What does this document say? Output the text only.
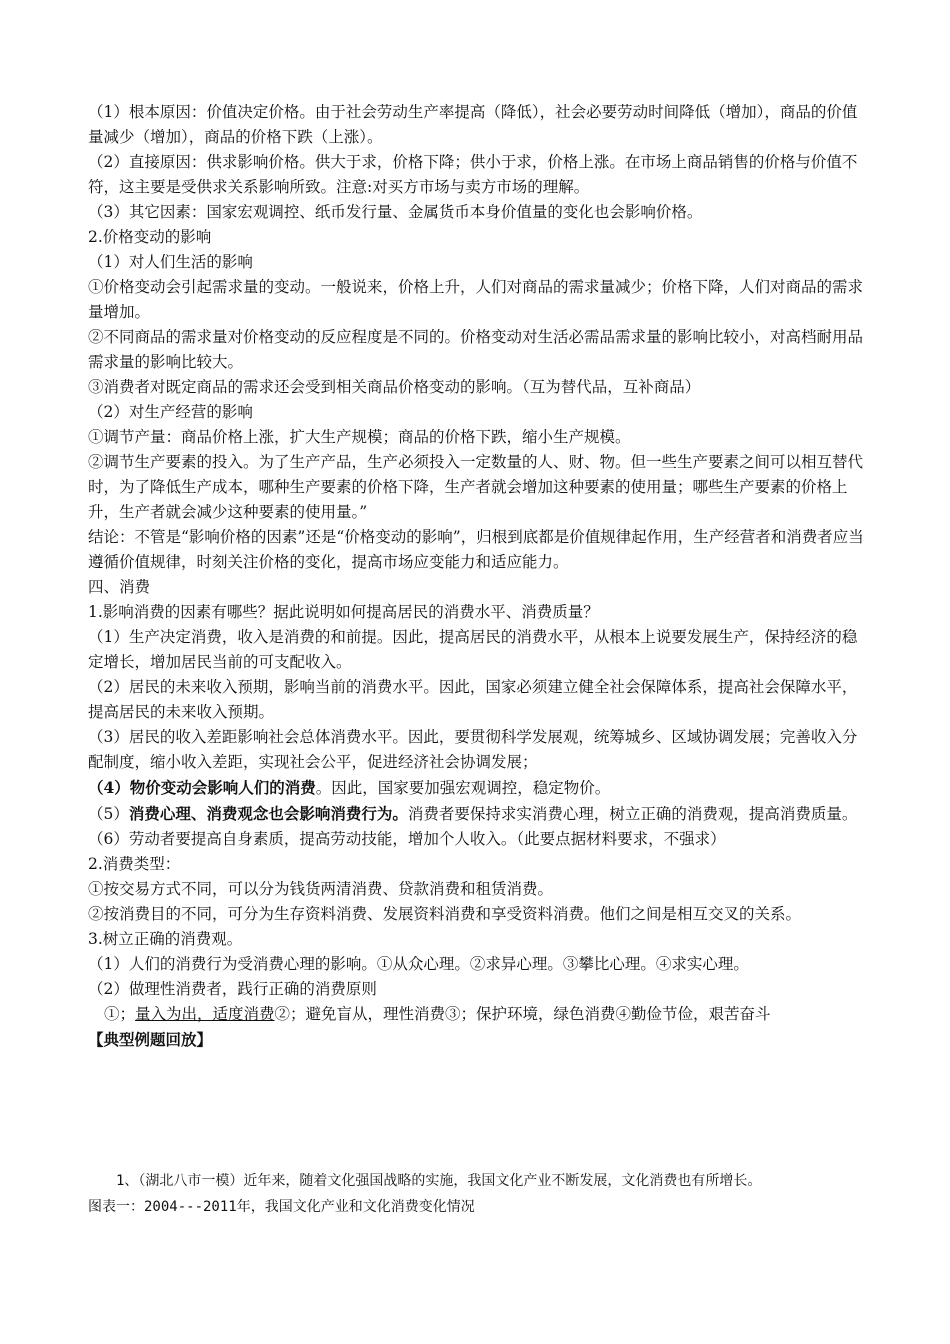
（1）根本原因：价值决定价格。由于社会劳动生产率提高（降低），社会必要劳动时间降低（增加），商品的价值量减少（增加），商品的价格下跌（上涨）。

（2）直接原因：供求影响价格。供大于求，价格下降；供小于求，价格上涨。在市场上商品销售的价格与价值不符，这主要是受供求关系影响所致。注意:对买方市场与卖方市场的理解。

（3）其它因素：国家宏观调控、纸币发行量、金属货币本身价值量的变化也会影响价格。

2.价格变动的影响

（1）对人们生活的影响

①价格变动会引起需求量的变动。一般说来，价格上升，人们对商品的需求量减少；价格下降，人们对商品的需求量增加。

②不同商品的需求量对价格变动的反应程度是不同的。价格变动对生活必需品需求量的影响比较小，对高档耐用品需求量的影响比较大。

③消费者对既定商品的需求还会受到相关商品价格变动的影响。（互为替代品，互补商品）

（2）对生产经营的影响

①调节产量：商品价格上涨，扩大生产规模；商品的价格下跌，缩小生产规模。

②调节生产要素的投入。为了生产产品，生产必须投入一定数量的人、财、物。但一些生产要素之间可以相互替代时，为了降低生产成本，哪种生产要素的价格下降，生产者就会增加这种要素的使用量；哪些生产要素的价格上升，生产者就会减少这种要素的使用量。”

结论：不管是“影响价格的因素”还是“价格变动的影响”，归根到底都是价值规律起作用，生产经营者和消费者应当遵循价值规律，时刻关注价格的变化，提高市场应变能力和适应能力。

四、消费

1.影响消费的因素有哪些？据此说明如何提高居民的消费水平、消费质量？

（1）生产决定消费，收入是消费的和前提。因此，提高居民的消费水平，从根本上说要发展生产，保持经济的稳定增长，增加居民当前的可支配收入。

（2）居民的未来收入预期，影响当前的消费水平。因此，国家必须建立健全社会保障体系，提高社会保障水平，提高居民的未来收入预期。

（3）居民的收入差距影响社会总体消费水平。因此，要贯彻科学发展观，统筹城乡、区域协调发展；完善收入分配制度，缩小收入差距，实现社会公平，促进经济社会协调发展；

（4）物价变动会影响人们的消费。因此，国家要加强宏观调控，稳定物价。

（5）消费心理、消费观念也会影响消费行为。消费者要保持求实消费心理，树立正确的消费观，提高消费质量。

（6）劳动者要提高自身素质，提高劳动技能，增加个人收入。（此要点据材料要求，不强求）

2.消费类型：

①按交易方式不同，可以分为钱货两清消费、贷款消费和租赁消费。

②按消费目的不同，可分为生存资料消费、发展资料消费和享受资料消费。他们之间是相互交叉的关系。

3.树立正确的消费观。

（1）人们的消费行为受消费心理的影响。①从众心理。②求异心理。③攀比心理。④求实心理。

（2）做理性消费者，践行正确的消费原则

①；量入为出，适度消费②；避免盲从，理性消费③；保护环境，绿色消费④勤俭节俭，艰苦奋斗

【典型例题回放】

1、（湖北八市一模）近年来，随着文化强国战略的实施，我国文化产业不断发展，文化消费也有所增长。

图表一：2004---2011年，我国文化产业和文化消费变化情况
